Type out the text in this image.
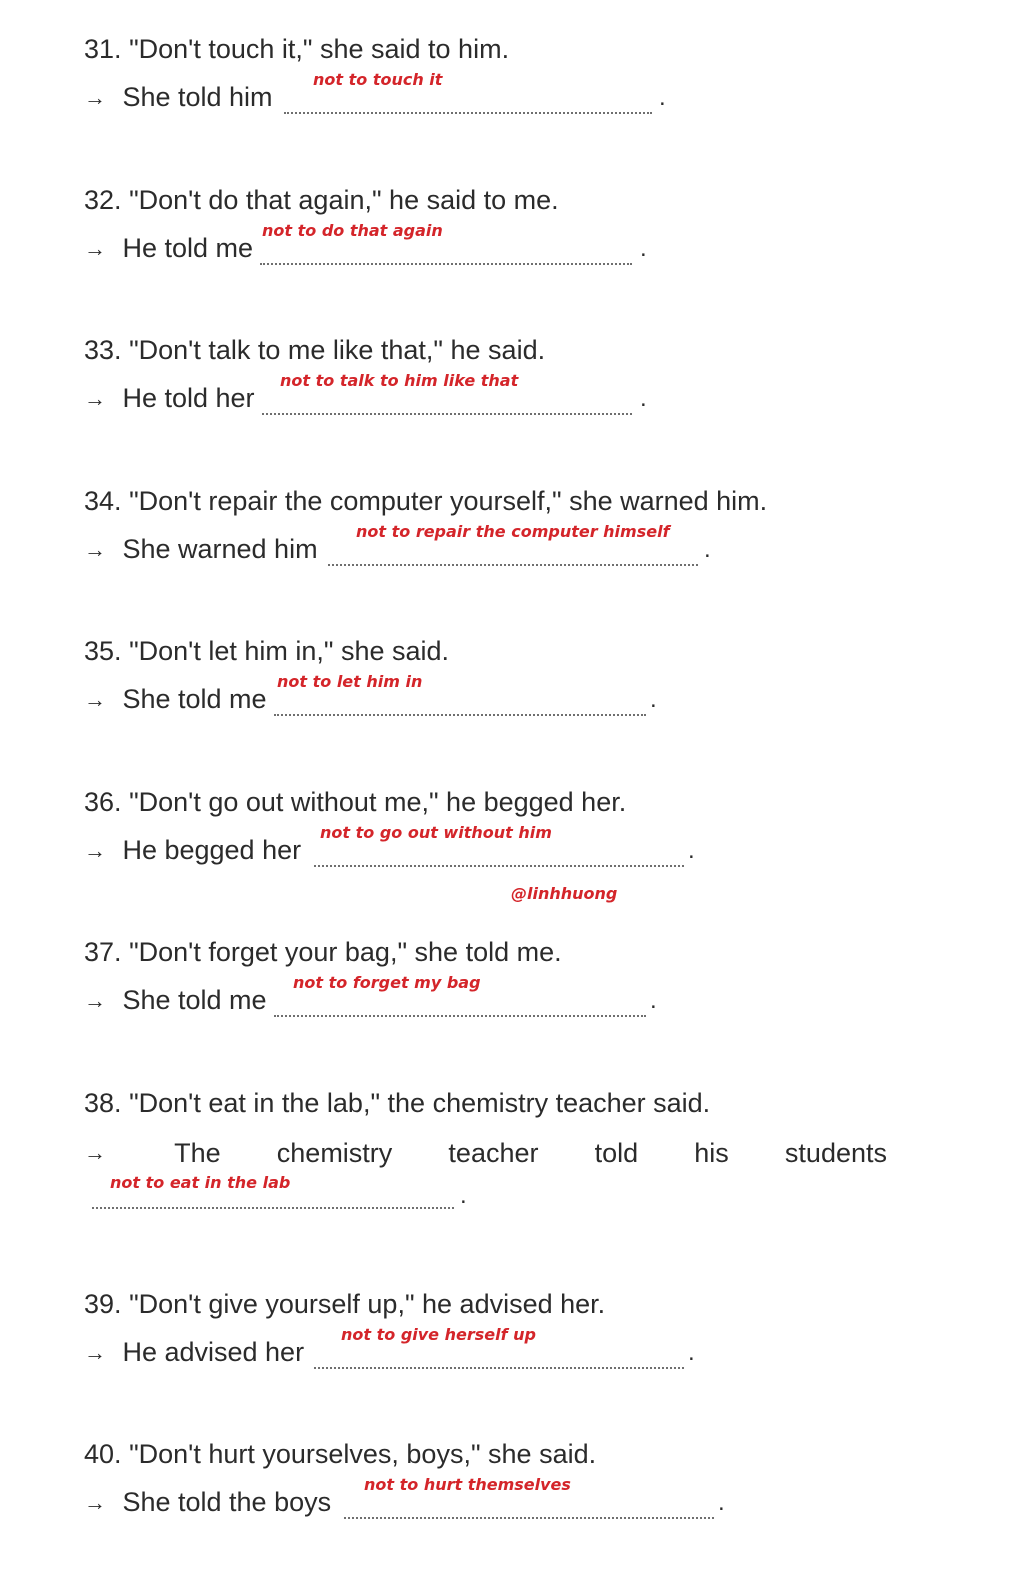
31. "Don't touch it," she said to him.
→ She told him
not to touch it
.
32. "Don't do that again," he said to me.
→ He told me
not to do that again
.
33. "Don't talk to me like that," he said.
→ He told her
not to talk to him like that
.
34. "Don't repair the computer yourself," she warned him.
→ She warned him
not to repair the computer himself
.
35. "Don't let him in," she said.
→ She told me
not to let him in
.
36. "Don't go out without me," he begged her.
→ He begged her
not to go out without him
.
@linhhuong
37. "Don't forget your bag," she told me.
→ She told me
not to forget my bag
.
38. "Don't eat in the lab," the chemistry teacher said.
→	The chemistry teacher told his students
not to eat in the lab	.
39. "Don't give yourself up," he advised her.
→ He advised her
not to give herself up
.
40. "Don't hurt yourselves, boys," she said.
→ She told the boys
not to hurt themselves
.
